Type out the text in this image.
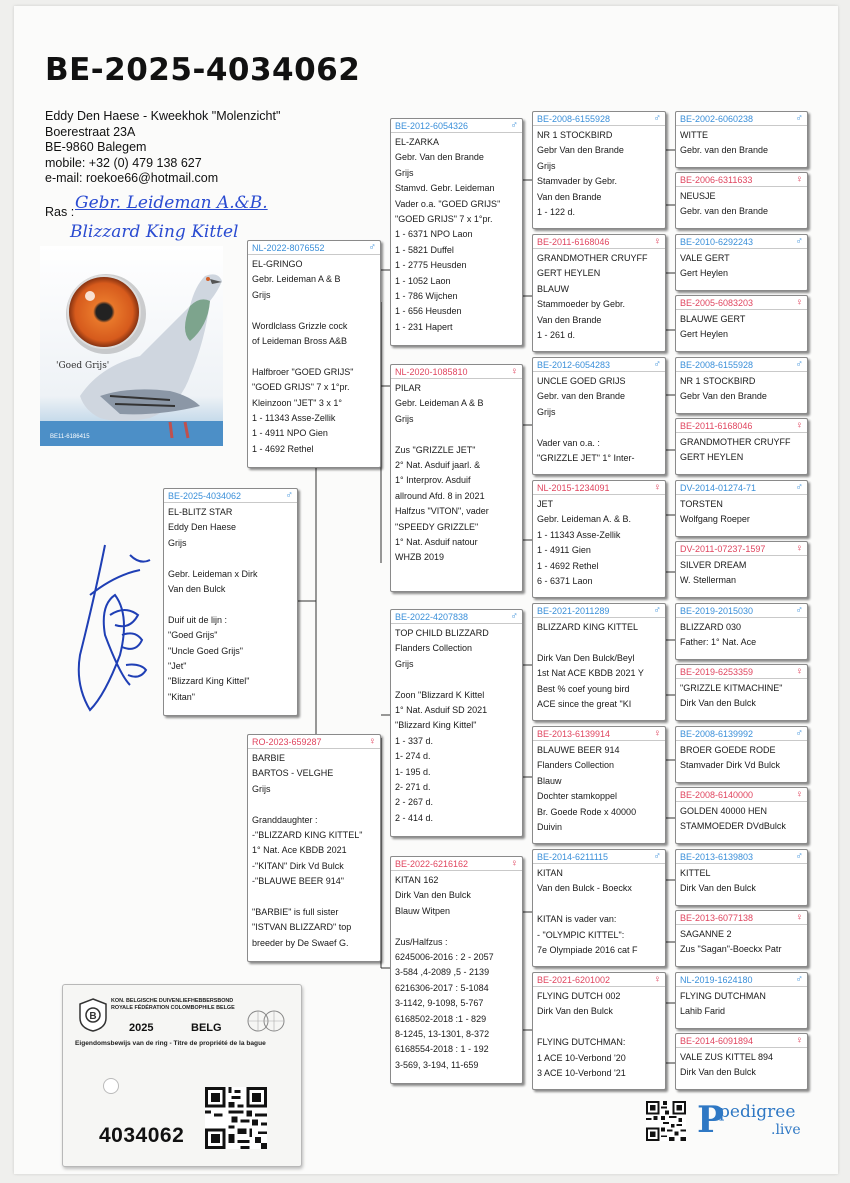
BE-2025-4034062
Eddy Den Haese - Kweekhok "Molenzicht"
Boerestraat 23A
BE-9860 Balegem
mobile: +32 (0) 479 138 627
e-mail: roekoe66@hotmail.com
Ras : Gebr. Leideman A.&B.
Blizzard King Kittel
'Goed Grijs'
BE11-6186415
BE-2025-4034062	♂
EL-BLITZ STAR
Eddy Den Haese
Grijs
Gebr. Leideman x Dirk
Van den Bulck
Duif uit de lijn :
"Goed Grijs"
"Uncle Goed Grijs"
"Jet"
"Blizzard King Kittel"
"Kitan"
NL-2022-8076552	♂
EL-GRINGO
Gebr. Leideman A & B
Grijs
Wordlclass Grizzle cock
of Leideman Bross A&B
Halfbroer "GOED GRIJS"
"GOED GRIJS" 7 x 1°pr.
Kleinzoon "JET" 3 x 1°
1 - 11343 Asse-Zellik
1 - 4911 NPO Gien
1 - 4692 Rethel
RO-2023-659287	♀
BARBIE
BARTOS - VELGHE
Grijs
Granddaughter :
-"BLIZZARD KING KITTEL"
1° Nat. Ace KBDB 2021
-"KITAN" Dirk Vd Bulck
-"BLAUWE BEER 914"
"BARBIE" is full sister
"ISTVAN BLIZZARD" top
breeder by De Swaef G.
BE-2012-6054326	♂
EL-ZARKA
Gebr. Van den Brande
Grijs
Stamvd. Gebr. Leideman
Vader o.a. "GOED GRIJS"
"GOED GRIJS" 7 x 1°pr.
1 - 6371 NPO Laon
1 - 5821 Duffel
1 - 2775 Heusden
1 - 1052 Laon
1 - 786 Wijchen
1 - 656 Heusden
1 - 231 Hapert
NL-2020-1085810	♀
PILAR
Gebr. Leideman A & B
Grijs
Zus "GRIZZLE JET"
2° Nat. Asduif jaarl. &
1° Interprov. Asduif
allround Afd. 8 in 2021
Halfzus "VITON", vader
"SPEEDY GRIZZLE"
1° Nat. Asduif natour
WHZB 2019
BE-2022-4207838	♂
TOP CHILD BLIZZARD
Flanders Collection
Grijs
Zoon "Blizzard K Kittel
1° Nat. Asduif SD 2021
"Blizzard King Kittel"
1 - 337 d.
1- 274 d.
1- 195 d.
2- 271 d.
2 - 267 d.
2 - 414 d.
BE-2022-6216162	♀
KITAN 162
Dirk Van den Bulck
Blauw Witpen
Zus/Halfzus :
6245006-2016 : 2 - 2057
3-584 ,4-2089 ,5 - 2139
6216306-2017 : 5-1084
3-1142, 9-1098, 5-767
6168502-2018 :1 - 829
8-1245, 13-1301, 8-372
6168554-2018 : 1 - 192
3-569, 3-194, 11-659
BE-2008-6155928	♂
NR 1 STOCKBIRD
Gebr Van den Brande
Grijs
Stamvader by Gebr.
Van den Brande
1 - 122 d.
BE-2011-6168046	♀
GRANDMOTHER CRUYFF
GERT HEYLEN
BLAUW
Stammoeder by Gebr.
Van den Brande
1 - 261 d.
BE-2012-6054283	♂
UNCLE GOED GRIJS
Gebr. van den Brande
Grijs
Vader van o.a. :
"GRIZZLE JET" 1° Inter-
NL-2015-1234091	♀
JET
Gebr. Leideman A. & B.
1 - 11343 Asse-Zellik
1 - 4911 Gien
1 - 4692 Rethel
6 - 6371 Laon
BE-2021-2011289	♂
BLIZZARD KING KITTEL
Dirk Van Den Bulck/Beyl
1st Nat ACE KBDB 2021 Y
Best % coef young bird
ACE since the great "KI
BE-2013-6139914	♀
BLAUWE BEER 914
Flanders Collection
Blauw
Dochter stamkoppel
Br. Goede Rode x 40000
Duivin
BE-2014-6211115	♂
KITAN
Van den Bulck - Boeckx
KITAN is vader van:
- "OLYMPIC KITTEL":
7e Olympiade 2016 cat F
BE-2021-6201002	♀
FLYING DUTCH 002
Dirk Van den Bulck
FLYING DUTCHMAN:
1 ACE 10-Verbond '20
3 ACE 10-Verbond '21
BE-2002-6060238	♂
WITTE
Gebr. van den Brande
BE-2006-6311633	♀
NEUSJE
Gebr. van den Brande
BE-2010-6292243	♂
VALE GERT
Gert Heylen
BE-2005-6083203	♀
BLAUWE GERT
Gert Heylen
BE-2008-6155928	♂
NR 1 STOCKBIRD
Gebr Van den Brande
BE-2011-6168046	♀
GRANDMOTHER CRUYFF
GERT HEYLEN
DV-2014-01274-71	♂
TORSTEN
Wolfgang Roeper
DV-2011-07237-1597	♀
SILVER DREAM
W. Stellerman
BE-2019-2015030	♂
BLIZZARD 030
Father: 1° Nat. Ace
BE-2019-6253359	♀
"GRIZZLE KITMACHINE"
Dirk Van den Bulck
BE-2008-6139992	♂
BROER GOEDE RODE
Stamvader Dirk Vd Bulck
BE-2008-6140000	♀
GOLDEN 40000 HEN
STAMMOEDER DVdBulck
BE-2013-6139803	♂
KITTEL
Dirk Van den Bulck
BE-2013-6077138	♀
SAGANNE 2
Zus "Sagan"-Boeckx Patr
NL-2019-1624180	♂
FLYING DUTCHMAN
Lahib Farid
BE-2014-6091894	♀
VALE ZUS KITTEL 894
Dirk Van den Bulck
B
KON. BELGISCHE DUIVENLIEFHEBBERSBOND
ROYALE FÉDÉRATION COLOMBOPHILE BELGE
2025	BELG
Eigendomsbewijs van de ring - Titre de propriété de la bague
4034062	P
pedigree
.live
